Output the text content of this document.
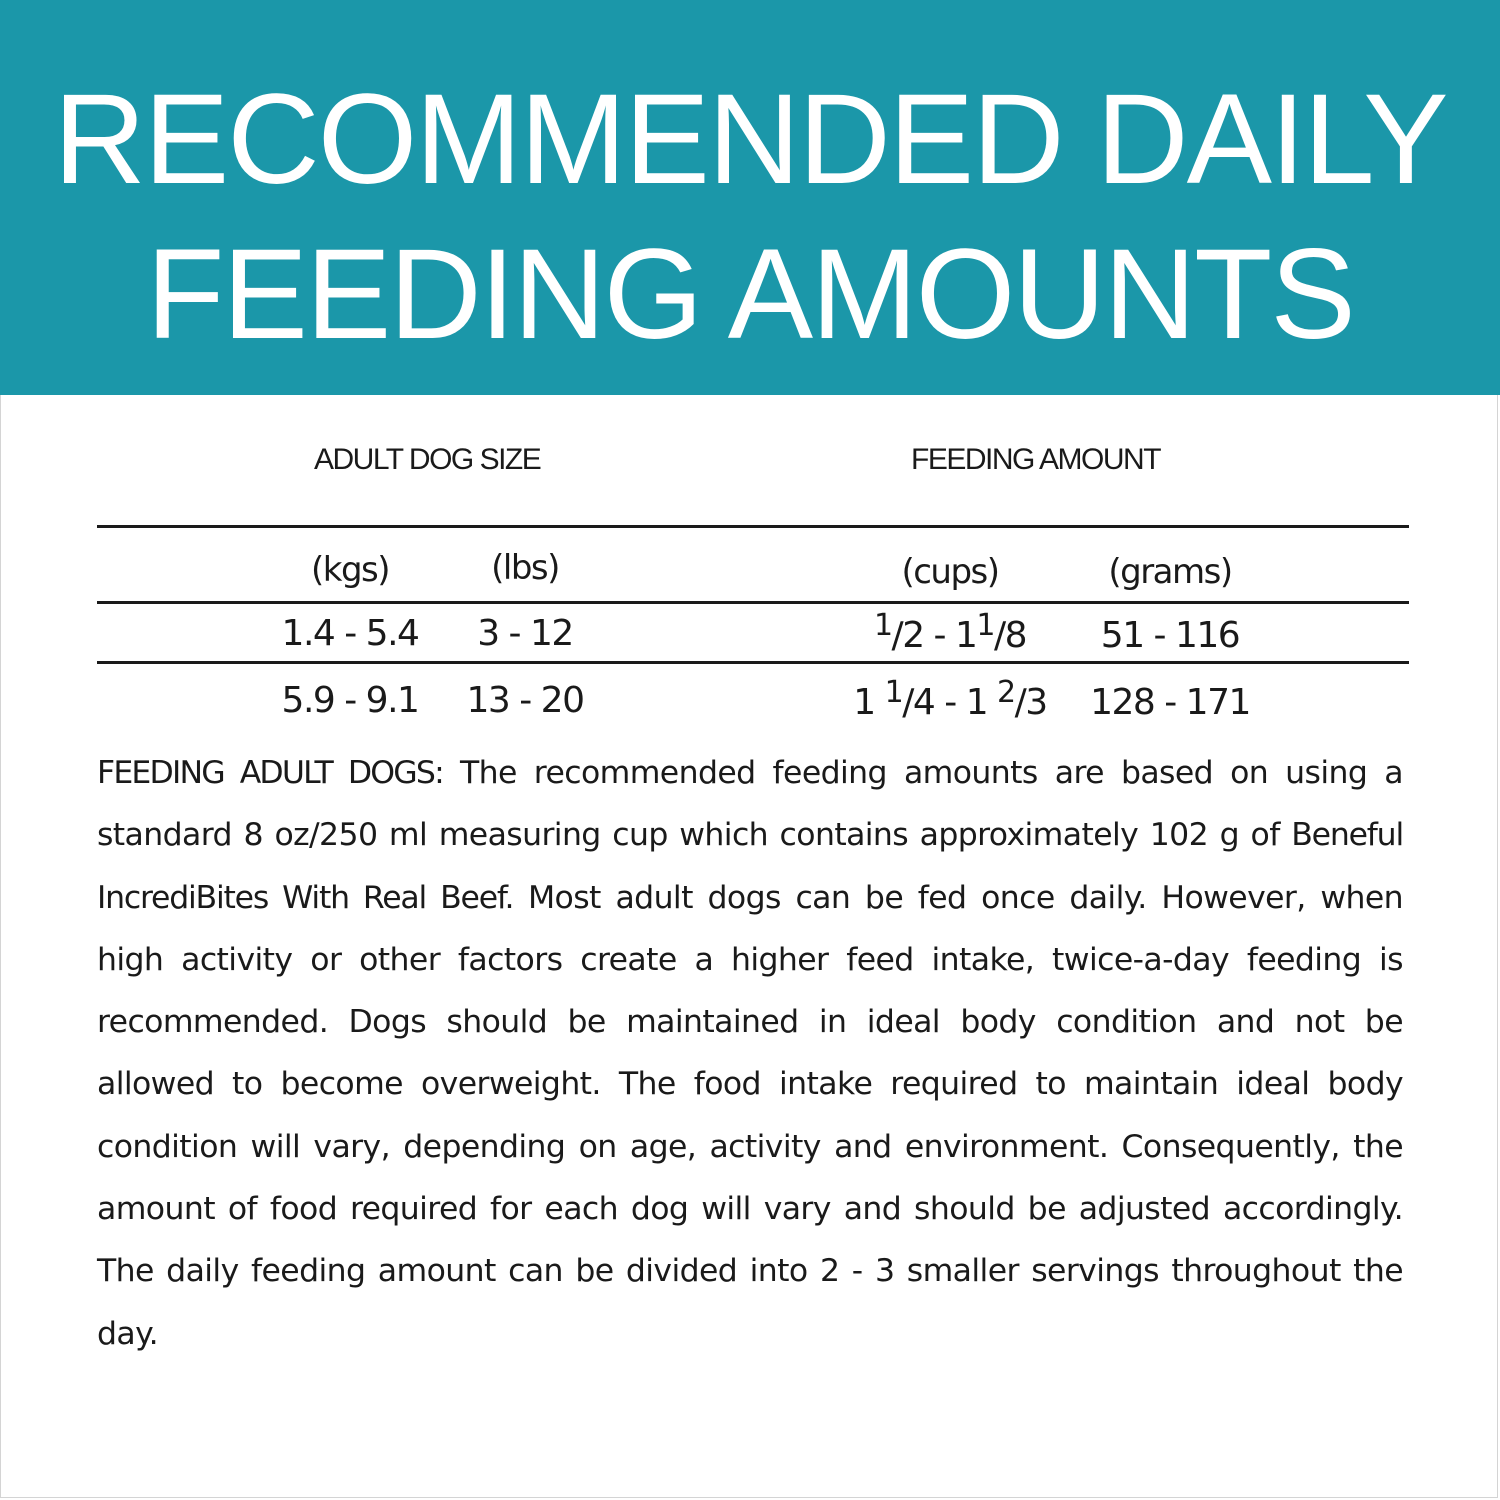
RECOMMENDED DAILY
FEEDING AMOUNTS
ADULT DOG SIZE	FEEDING AMOUNT
(kgs)	(lbs)	(cups)	(grams)
1.4 - 5.4	3 - 12	$^1/2 - 1^1/8$	51 - 116
5.9 - 9.1	13 - 20	1 $^1$/4 - 1 $^2$/3	128 - 171
FEEDING ADULT DOGS: The recommended feeding amounts are based on using a standard 8 oz/250 ml measuring cup which contains approximately 102 g of Beneful IncrediBites With Real Beef. Most adult dogs can be fed once daily. However, when high activity or other factors create a higher feed intake, twice-a-day feeding is recommended. Dogs should be maintained in ideal body condition and not be allowed to become overweight. The food intake required to maintain ideal body condition will vary, depending on age, activity and environment. Consequently, the amount of food required for each dog will vary and should be adjusted accordingly. The daily feeding amount can be divided into 2 - 3 smaller servings throughout the day.
